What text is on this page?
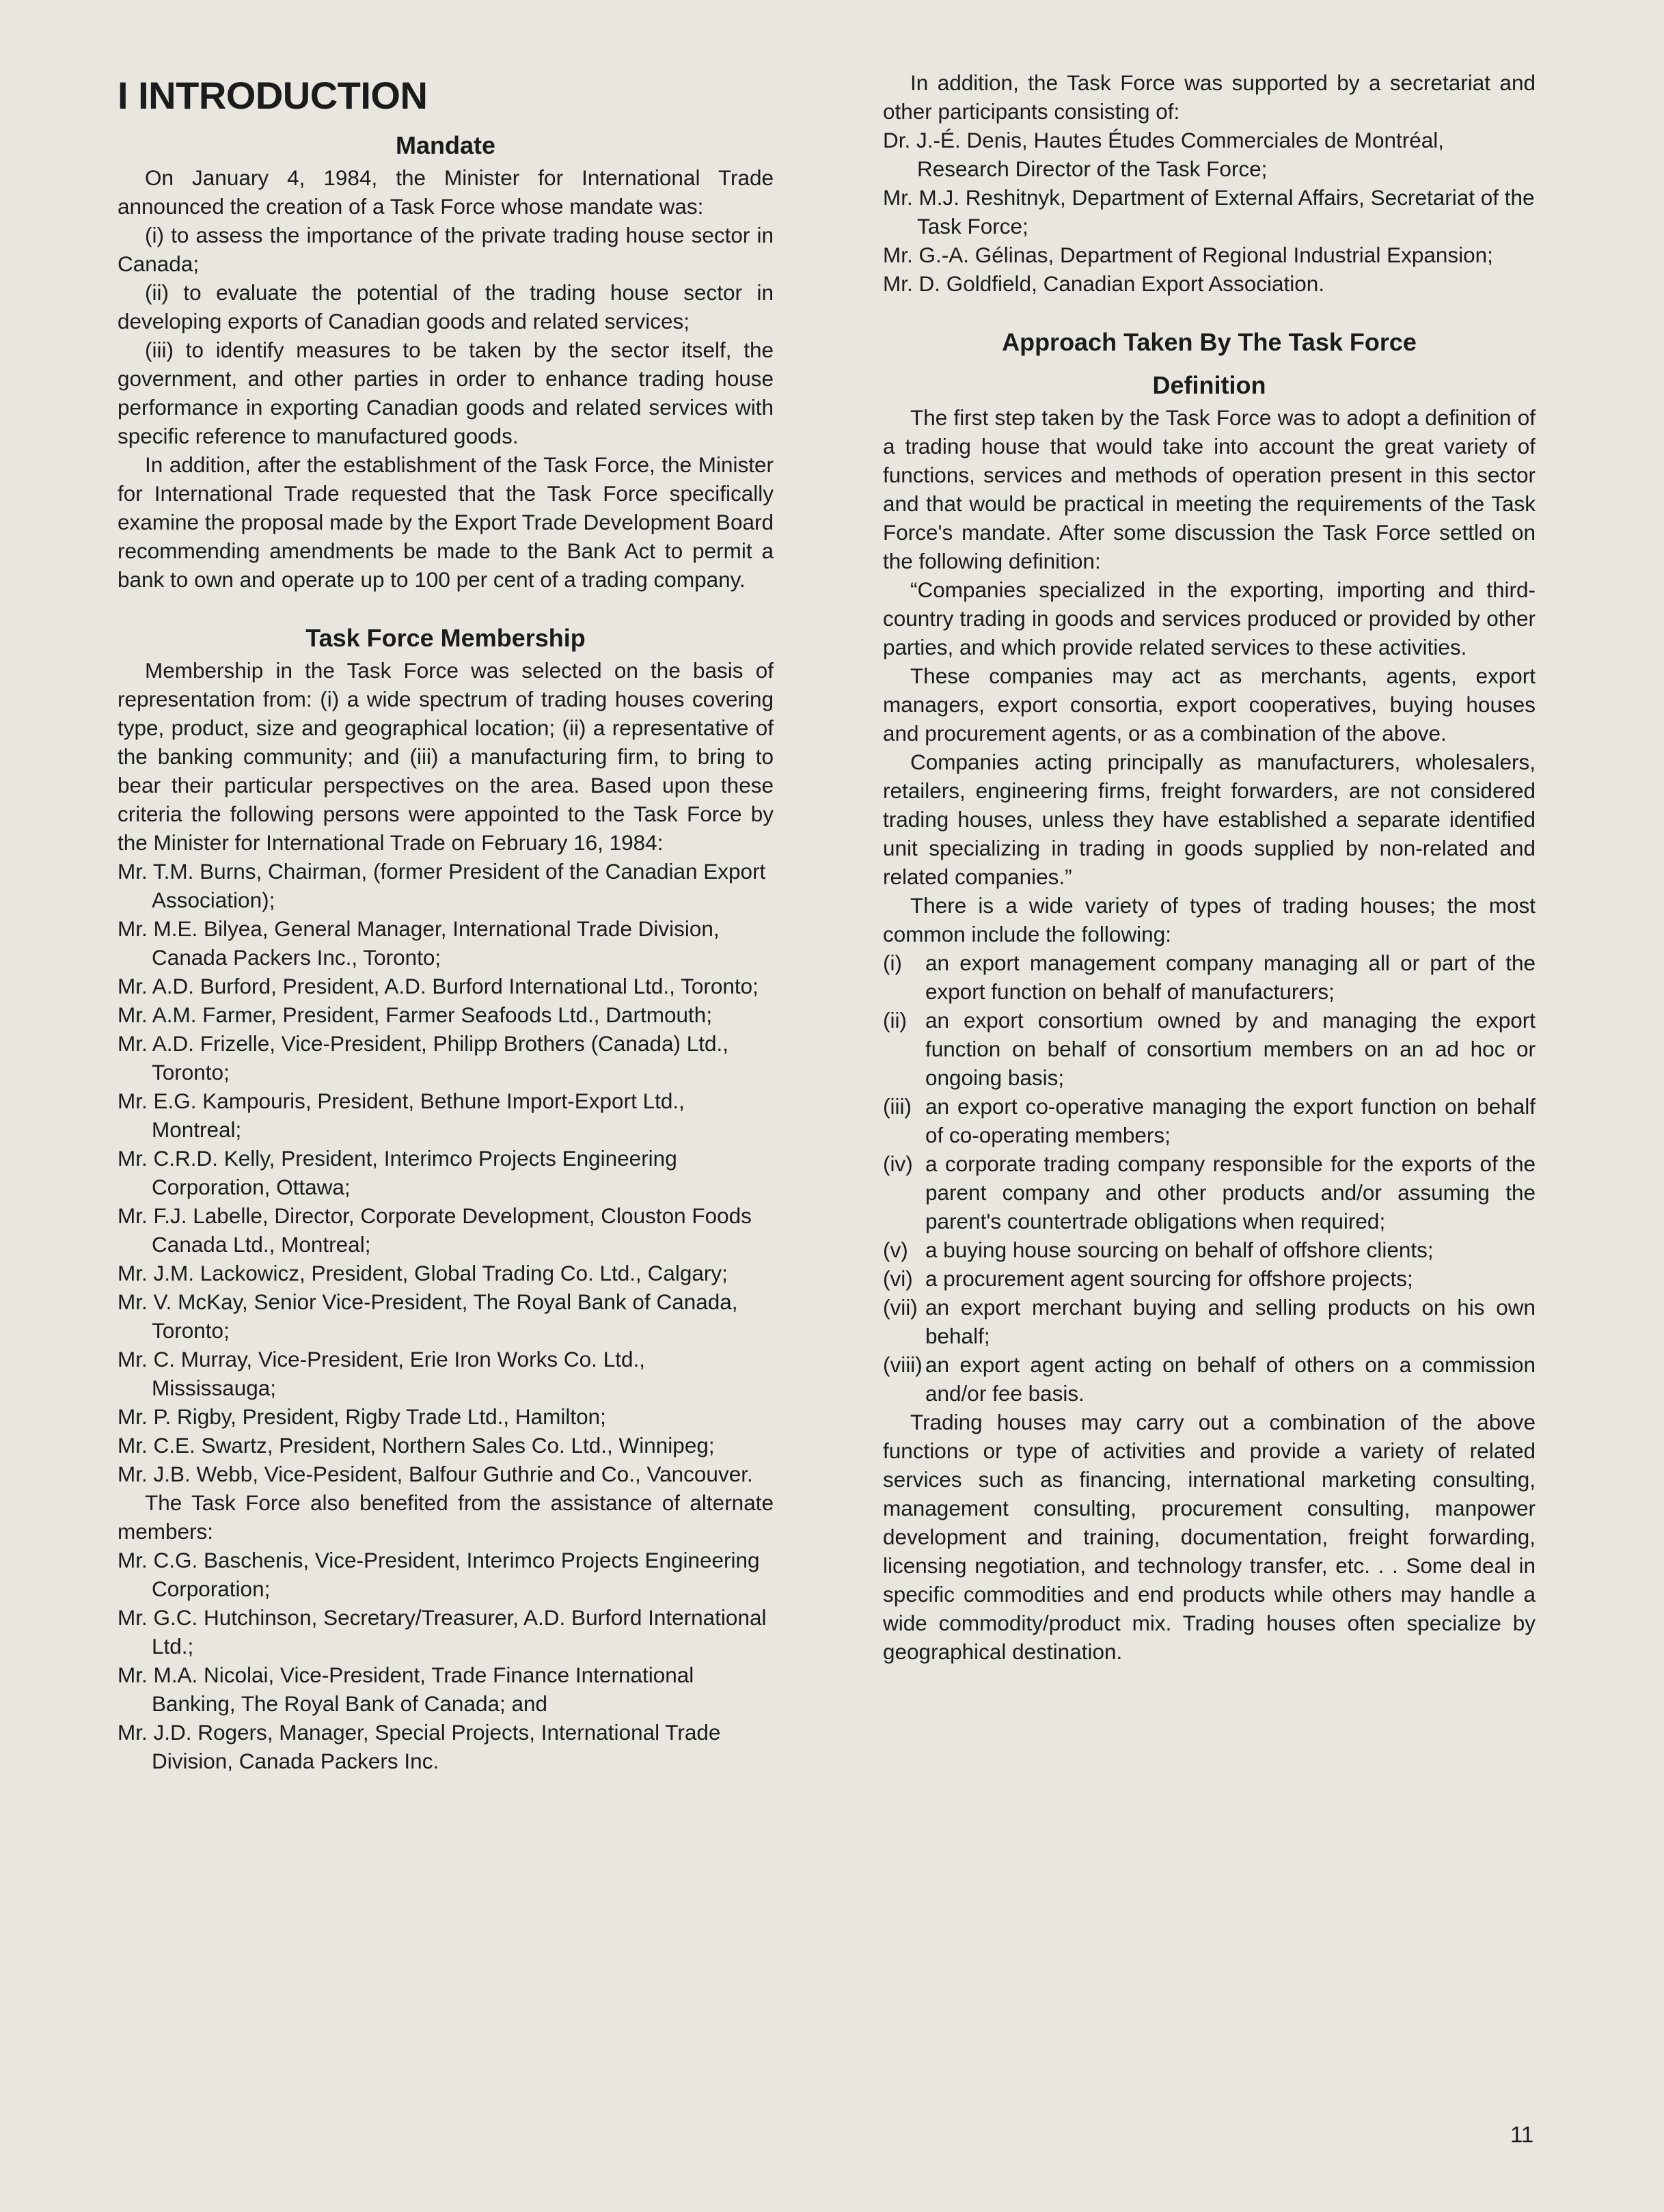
I INTRODUCTION
Mandate

On January 4, 1984, the Minister for International Trade announced the creation of a Task Force whose mandate was:

(i) to assess the importance of the private trading house sector in Canada;

(ii) to evaluate the potential of the trading house sector in developing exports of Canadian goods and related services;

(iii) to identify measures to be taken by the sector itself, the government, and other parties in order to enhance trading house performance in exporting Canadian goods and related services with specific reference to manufactured goods.

In addition, after the establishment of the Task Force, the Minister for International Trade requested that the Task Force specifically examine the proposal made by the Export Trade Development Board recommending amendments be made to the Bank Act to permit a bank to own and operate up to 100 per cent of a trading company.

Task Force Membership

Membership in the Task Force was selected on the basis of representation from: (i) a wide spectrum of trading houses covering type, product, size and geographical location; (ii) a representative of the banking community; and (iii) a manufacturing firm, to bring to bear their particular perspectives on the area. Based upon these criteria the following persons were appointed to the Task Force by the Minister for International Trade on February 16, 1984:

Mr. T.M. Burns, Chairman, (former President of the Canadian Export Association);

Mr. M.E. Bilyea, General Manager, International Trade Division, Canada Packers Inc., Toronto;

Mr. A.D. Burford, President, A.D. Burford International Ltd., Toronto;

Mr. A.M. Farmer, President, Farmer Seafoods Ltd., Dartmouth;

Mr. A.D. Frizelle, Vice-President, Philipp Brothers (Canada) Ltd., Toronto;

Mr. E.G. Kampouris, President, Bethune Import-Export Ltd., Montreal;

Mr. C.R.D. Kelly, President, Interimco Projects Engineering Corporation, Ottawa;

Mr. F.J. Labelle, Director, Corporate Development, Clouston Foods Canada Ltd., Montreal;

Mr. J.M. Lackowicz, President, Global Trading Co. Ltd., Calgary;

Mr. V. McKay, Senior Vice-President, The Royal Bank of Canada, Toronto;

Mr. C. Murray, Vice-President, Erie Iron Works Co. Ltd., Mississauga;

Mr. P. Rigby, President, Rigby Trade Ltd., Hamilton;

Mr. C.E. Swartz, President, Northern Sales Co. Ltd., Winnipeg;

Mr. J.B. Webb, Vice-Pesident, Balfour Guthrie and Co., Vancouver.

The Task Force also benefited from the assistance of alternate members:

Mr. C.G. Baschenis, Vice-President, Interimco Projects Engineering Corporation;

Mr. G.C. Hutchinson, Secretary/Treasurer, A.D. Burford International Ltd.;

Mr. M.A. Nicolai, Vice-President, Trade Finance International Banking, The Royal Bank of Canada; and

Mr. J.D. Rogers, Manager, Special Projects, International Trade Division, Canada Packers Inc.

In addition, the Task Force was supported by a secretariat and other participants consisting of:

Dr. J.-É. Denis, Hautes Études Commerciales de Montréal, Research Director of the Task Force;

Mr. M.J. Reshitnyk, Department of External Affairs, Secretariat of the Task Force;

Mr. G.-A. Gélinas, Department of Regional Industrial Expansion;

Mr. D. Goldfield, Canadian Export Association.

Approach Taken By The Task Force
Definition

The first step taken by the Task Force was to adopt a definition of a trading house that would take into account the great variety of functions, services and methods of operation present in this sector and that would be practical in meeting the requirements of the Task Force's mandate. After some discussion the Task Force settled on the following definition:

“Companies specialized in the exporting, importing and third-country trading in goods and services produced or provided by other parties, and which provide related services to these activities.

These companies may act as merchants, agents, export managers, export consortia, export cooperatives, buying houses and procurement agents, or as a combination of the above.

Companies acting principally as manufacturers, wholesalers, retailers, engineering firms, freight forwarders, are not considered trading houses, unless they have established a separate identified unit specializing in trading in goods supplied by non-related and related companies.”

There is a wide variety of types of trading houses; the most common include the following:

(i)	an export management company managing all or part of the export function on behalf of manufacturers;
(ii) an export consortium owned by and managing the export function on behalf of consortium members on an ad hoc or ongoing basis;
(iii) an export co-operative managing the export function on behalf of co-operating members;
(iv) a corporate trading company responsible for the exports of the parent company and other products and/or assuming the parent's countertrade obligations when required;
(v) a buying house sourcing on behalf of offshore clients;
(vi) a procurement agent sourcing for offshore projects;
(vii) an export merchant buying and selling products on his own behalf;
(viii) an export agent acting on behalf of others on a commission and/or fee basis.

Trading houses may carry out a combination of the above functions or type of activities and provide a variety of related services such as financing, international marketing consulting, management consulting, procurement consulting, manpower development and training, documentation, freight forwarding, licensing negotiation, and technology transfer, etc. . . Some deal in specific commodities and end products while others may handle a wide commodity/product mix. Trading houses often specialize by geographical destination.

11
